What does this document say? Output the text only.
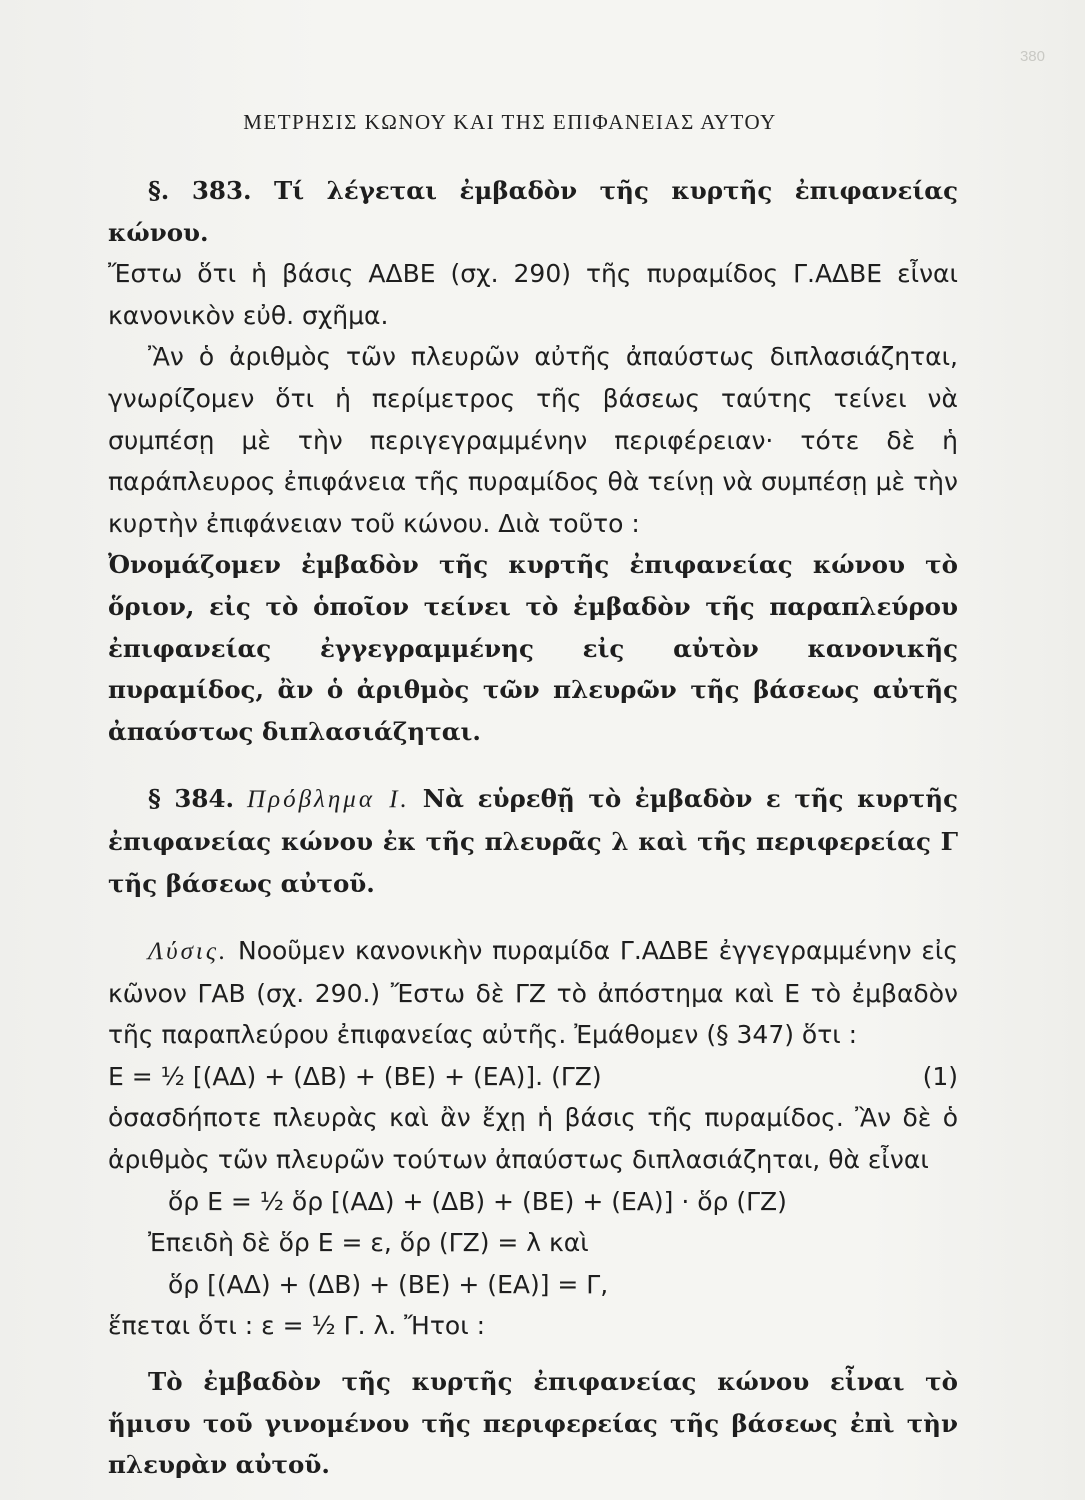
380
ΜΕΤΡΗΣΙΣ ΚΩΝΟΥ ΚΑΙ ΤΗΣ ΕΠΙΦΑΝΕΙΑΣ ΑΥΤΟΥ

§. 383. Τί λέγεται ἐμβαδὸν τῆς κυρτῆς ἐπιφανείας κώνου.

Ἔστω ὅτι ἡ βάσις ΑΔΒΕ (σχ. 290) τῆς πυραμίδος Γ.ΑΔΒΕ εἶναι κανονικὸν εὐθ. σχῆμα.

Ἂν ὁ ἀριθμὸς τῶν πλευρῶν αὐτῆς ἀπαύστως διπλασιάζηται, γνωρίζομεν ὅτι ἡ περίμετρος τῆς βάσεως ταύτης τείνει νὰ συμπέσῃ μὲ τὴν περιγεγραμμένην περιφέρειαν· τότε δὲ ἡ παράπλευρος ἐπιφάνεια τῆς πυραμίδος θὰ τείνῃ νὰ συμπέσῃ μὲ τὴν κυρτὴν ἐπιφάνειαν τοῦ κώνου. Διὰ τοῦτο :

Ὀνομάζομεν ἐμβαδὸν τῆς κυρτῆς ἐπιφανείας κώνου τὸ ὅριον, εἰς τὸ ὁποῖον τείνει τὸ ἐμβαδὸν τῆς παραπλεύρου ἐπιφανείας ἐγγεγραμμένης εἰς αὐτὸν κανονικῆς πυραμίδος, ἂν ὁ ἀριθμὸς τῶν πλευρῶν τῆς βάσεως αὐτῆς ἀπαύστως διπλασιάζηται.

§ 384. Πρόβλημα Ι. Νὰ εὑρεθῇ τὸ ἐμβαδὸν ε τῆς κυρτῆς ἐπιφανείας κώνου ἐκ τῆς πλευρᾶς λ καὶ τῆς περιφερείας Γ τῆς βάσεως αὐτοῦ.

Λύσις. Νοοῦμεν κανονικὴν πυραμίδα Γ.ΑΔΒΕ ἐγγεγραμμένην εἰς κῶνον ΓΑΒ (σχ. 290.) Ἔστω δὲ ΓΖ τὸ ἀπόστημα καὶ Ε τὸ ἐμβαδὸν τῆς παραπλεύρου ἐπιφανείας αὐτῆς. Ἐμάθομεν (§ 347) ὅτι :

Ε = ½ [(ΑΔ) + (ΔΒ) + (ΒΕ) + (ΕΑ)]. (ΓΖ)	(1)

ὁσασδήποτε πλευρὰς καὶ ἂν ἔχῃ ἡ βάσις τῆς πυραμίδος. Ἂν δὲ ὁ ἀριθμὸς τῶν πλευρῶν τούτων ἀπαύστως διπλασιάζηται, θὰ εἶναι

ὅρ Ε = ½ ὅρ [(ΑΔ) + (ΔΒ) + (ΒΕ) + (ΕΑ)] · ὅρ (ΓΖ)

Ἐπειδὴ δὲ ὅρ Ε = ε, ὅρ (ΓΖ) = λ καὶ

ὅρ [(ΑΔ) + (ΔΒ) + (ΒΕ) + (ΕΑ)] = Γ,

ἕπεται ὅτι : ε = ½ Γ. λ. Ἤτοι :

Τὸ ἐμβαδὸν τῆς κυρτῆς ἐπιφανείας κώνου εἶναι τὸ ἥμισυ τοῦ γινομένου τῆς περιφερείας τῆς βάσεως ἐπὶ τὴν πλευρὰν αὐτοῦ.
